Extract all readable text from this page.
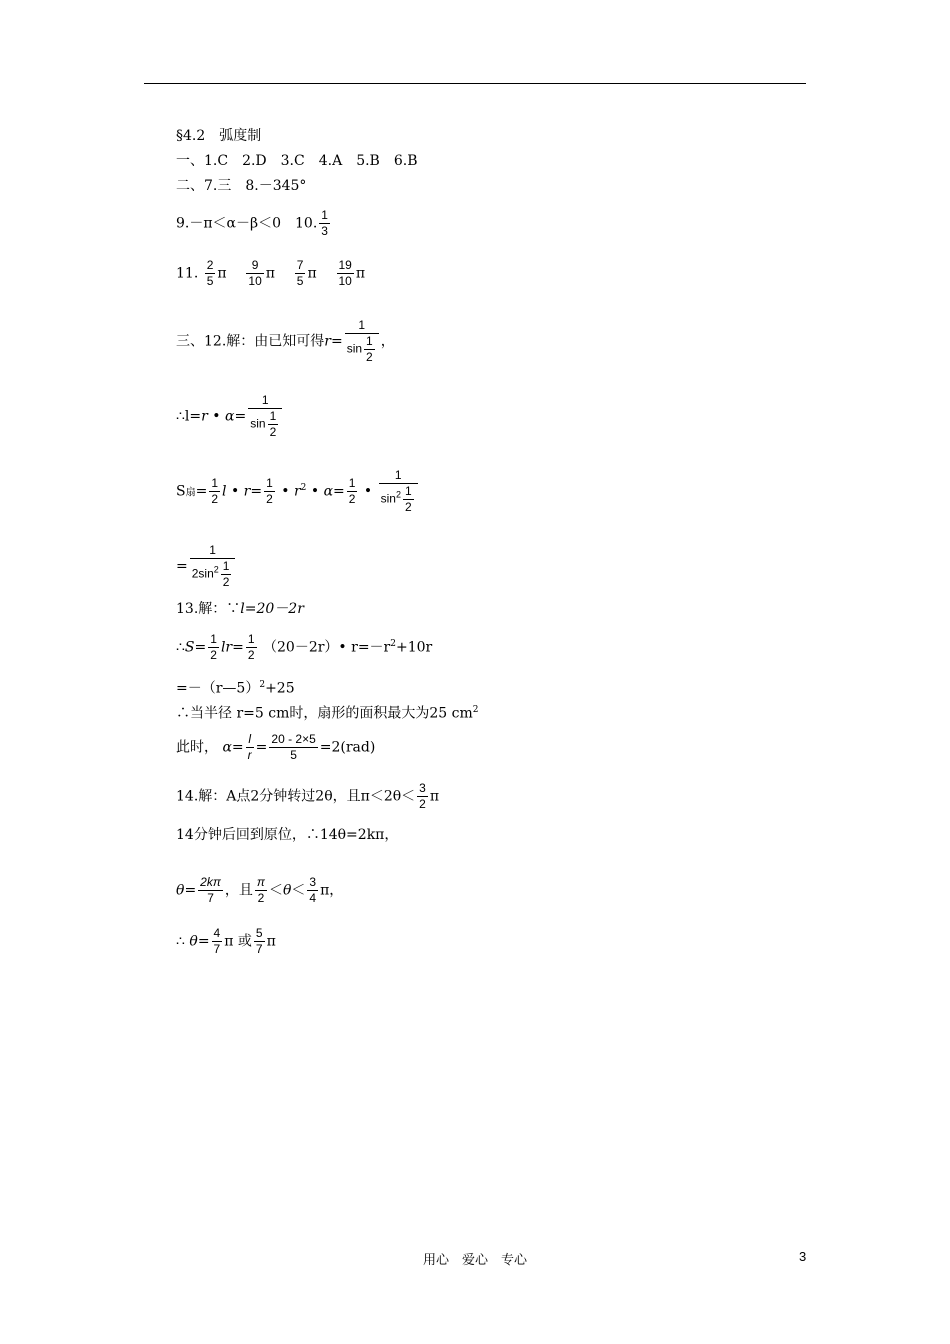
§4.2　弧度制
一、1.C　2.D　3.C　4.A　5.B　6.B
二、7.三　8.－345°
9.－π＜α－β＜0　10. $\frac{1}{3}$
11. $\frac{2}{5}$ π $\frac{9}{10}$ π $\frac{7}{5}$ π $\frac{19}{10}$ π
三、12.解：由已知可得$r= \frac{1}{\sin \frac{1}{2}}$ ，
∴l=r • $\alpha= \frac{1}{\sin \frac{1}{2}}$
S扇= $\frac{1}{2}$ l • $r= \frac{1}{2}$ • $r^2$ • $\alpha= \frac{1}{2}$ • $\frac{1}{\sin^2 \frac{1}{2}}$
= $\frac{1}{2\sin^2 \frac{1}{2}}$
13.解：∵l=20－2r
∴S= $\frac{1}{2} lr= \frac{1}{2}$ （20－2r）• $r=-r^2+10r$
=－（r—5）$^2$+25
∴当半径 r=5 cm时，扇形的面积最大为25 $cm^2$
此时， $\alpha= \frac{l}{r} = \frac{20 - 2\times 5}{5} =2(rad)$
14.解：A点2分钟转过2θ，且$\pi<2\theta< \frac{3}{2}$ π
14分钟后回到原位，∴14θ=2kπ，
$\theta= \frac{2k\pi}{7}$ ，且 $\frac{\pi}{2} <\theta< \frac{3}{4}$ π，
∴ $\theta= \frac{4}{7}$ π 或 $\frac{5}{7}$ π
用心　爱心　专心	3
